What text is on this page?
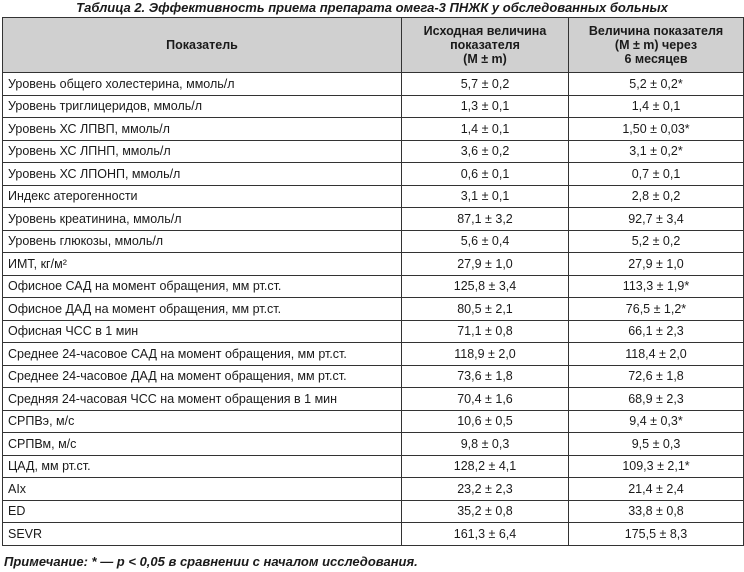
Таблица 2. Эффективность приема препарата омега-3 ПНЖК у обследованных больных
Показатель	Исходная величина
показателя
(M ± m)	Величина показателя
(M ± m) через
6 месяцев

Уровень общего холестерина, ммоль/л	5,7 ± 0,2	5,2 ± 0,2*
Уровень триглицеридов, ммоль/л	1,3 ± 0,1	1,4 ± 0,1
Уровень ХС ЛПВП, ммоль/л	1,4 ± 0,1	1,50 ± 0,03*
Уровень ХС ЛПНП, ммоль/л	3,6 ± 0,2	3,1 ± 0,2*
Уровень ХС ЛПОНП, ммоль/л	0,6 ± 0,1	0,7 ± 0,1
Индекс атерогенности	3,1 ± 0,1	2,8 ± 0,2
Уровень креатинина, ммоль/л	87,1 ± 3,2	92,7 ± 3,4
Уровень глюкозы, ммоль/л	5,6 ± 0,4	5,2 ± 0,2
ИМТ, кг/м²	27,9 ± 1,0	27,9 ± 1,0
Офисное САД на момент обращения, мм рт.ст.	125,8 ± 3,4	113,3 ± 1,9*
Офисное ДАД на момент обращения, мм рт.ст.	80,5 ± 2,1	76,5 ± 1,2*
Офисная ЧСС в 1 мин	71,1 ± 0,8	66,1 ± 2,3
Среднее 24-часовое САД на момент обращения, мм рт.ст.	118,9 ± 2,0	118,4 ± 2,0
Среднее 24-часовое ДАД на момент обращения, мм рт.ст.	73,6 ± 1,8	72,6 ± 1,8
Средняя 24-часовая ЧСС на момент обращения в 1 мин	70,4 ± 1,6	68,9 ± 2,3
СРПВэ, м/с	10,6 ± 0,5	9,4 ± 0,3*
СРПВм, м/с	9,8 ± 0,3	9,5 ± 0,3
ЦАД, мм рт.ст.	128,2 ± 4,1	109,3 ± 2,1*
AIx	23,2 ± 2,3	21,4 ± 2,4
ED	35,2 ± 0,8	33,8 ± 0,8
SEVR	161,3 ± 6,4	175,5 ± 8,3
Примечание: * — р < 0,05 в сравнении с началом исследования.
